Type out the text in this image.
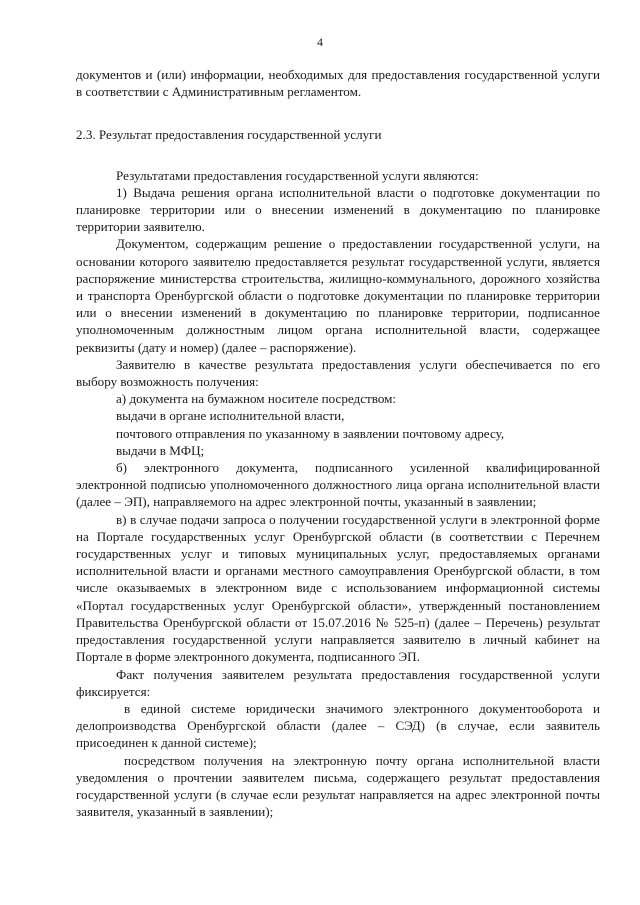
4

документов и (или) информации, необходимых для предоставления государственной услуги в соответствии с Административным регламентом.

2.3. Результат предоставления государственной услуги

Результатами предоставления государственной услуги являются:

1) Выдача решения органа исполнительной власти о подготовке документации по планировке территории или о внесении изменений в документацию по планировке территории заявителю.

Документом, содержащим решение о предоставлении государственной услуги, на основании которого заявителю предоставляется результат государственной услуги, является распоряжение министерства строительства, жилищно-коммунального, дорожного хозяйства и транспорта Оренбургской области о подготовке документации по планировке территории или о внесении изменений в документацию по планировке территории, подписанное уполномоченным должностным лицом органа исполнительной власти, содержащее реквизиты (дату и номер) (далее – распоряжение).

Заявителю в качестве результата предоставления услуги обеспечивается по его выбору возможность получения:

а) документа на бумажном носителе посредством:

выдачи в органе исполнительной власти,

почтового отправления по указанному в заявлении почтовому адресу,

выдачи в МФЦ;

б) электронного документа, подписанного усиленной квалифицированной электронной подписью уполномоченного должностного лица органа исполнительной власти (далее – ЭП), направляемого на адрес электронной почты, указанный в заявлении;

в) в случае подачи запроса о получении государственной услуги в электронной форме на Портале государственных услуг Оренбургской области (в соответствии с Перечнем государственных услуг и типовых муниципальных услуг, предоставляемых органами исполнительной власти и органами местного самоуправления Оренбургской области, в том числе оказываемых в электронном виде с использованием информационной системы «Портал государственных услуг Оренбургской области», утвержденный постановлением Правительства Оренбургской области от 15.07.2016 № 525-п) (далее – Перечень) результат предоставления государственной услуги направляется заявителю в личный кабинет на Портале в форме электронного документа, подписанного ЭП.

Факт получения заявителем результата предоставления государственной услуги фиксируется:

в единой системе юридически значимого электронного документооборота и делопроизводства Оренбургской области (далее – СЭД) (в случае, если заявитель присоединен к данной системе);

посредством получения на электронную почту органа исполнительной власти уведомления о прочтении заявителем письма, содержащего результат предоставления государственной услуги (в случае если результат направляется на адрес электронной почты заявителя, указанный в заявлении);
